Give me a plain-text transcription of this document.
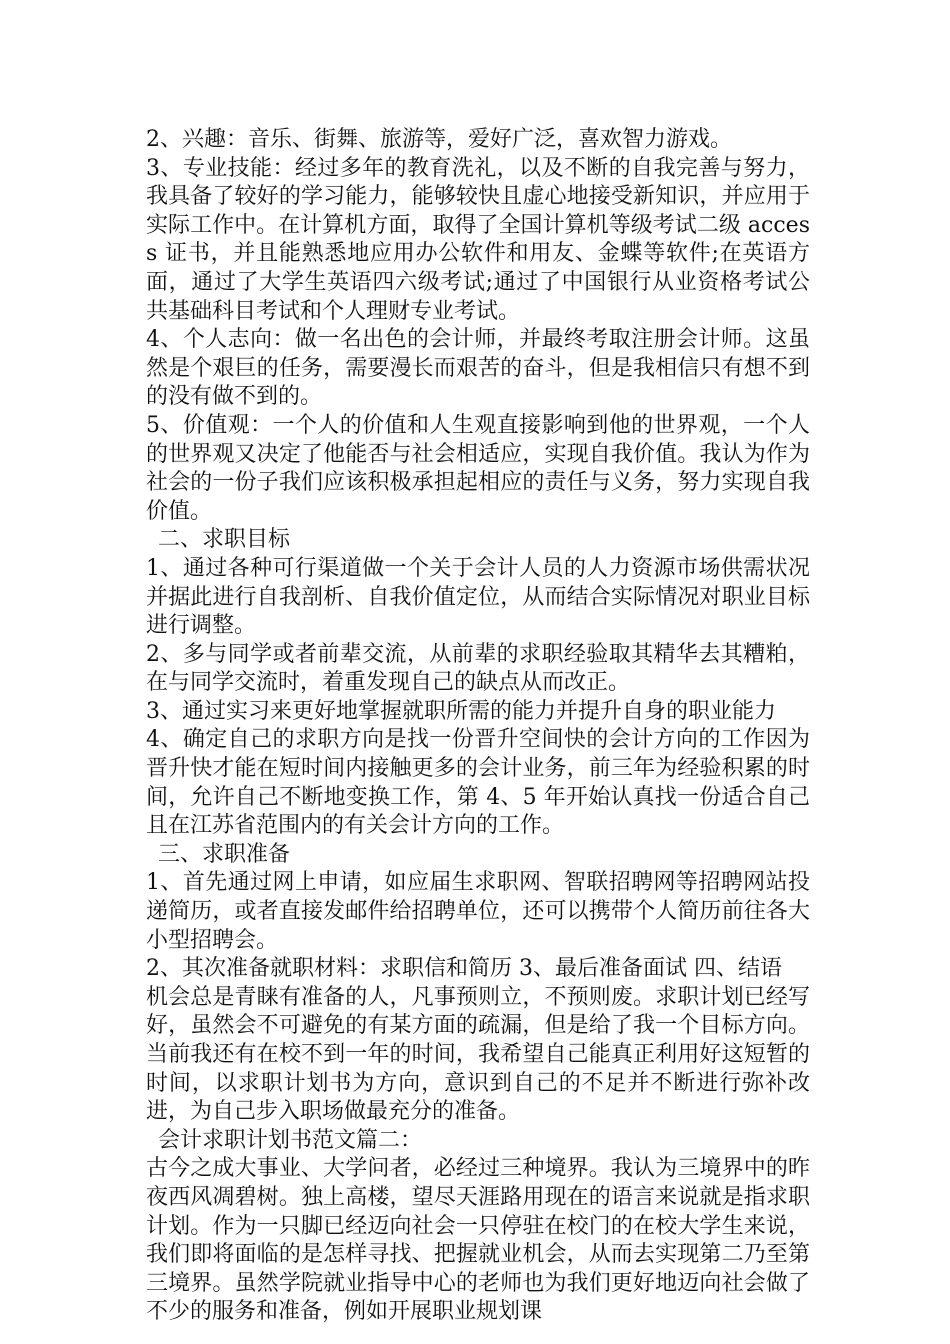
2、兴趣：音乐、街舞、旅游等，爱好广泛，喜欢智力游戏。

3、专业技能：经过多年的教育洗礼，以及不断的自我完善与努力，我具备了较好的学习能力，能够较快且虚心地接受新知识，并应用于实际工作中。在计算机方面，取得了全国计算机等级考试二级 access 证书，并且能熟悉地应用办公软件和用友、金蝶等软件;在英语方面，通过了大学生英语四六级考试;通过了中国银行从业资格考试公共基础科目考试和个人理财专业考试。

4、个人志向：做一名出色的会计师，并最终考取注册会计师。这虽然是个艰巨的任务，需要漫长而艰苦的奋斗，但是我相信只有想不到的没有做不到的。

5、价值观：一个人的价值和人生观直接影响到他的世界观，一个人的世界观又决定了他能否与社会相适应，实现自我价值。我认为作为社会的一份子我们应该积极承担起相应的责任与义务，努力实现自我价值。

二、求职目标

1、通过各种可行渠道做一个关于会计人员的人力资源市场供需状况并据此进行自我剖析、自我价值定位，从而结合实际情况对职业目标进行调整。

2、多与同学或者前辈交流，从前辈的求职经验取其精华去其糟粕，在与同学交流时，着重发现自己的缺点从而改正。

3、通过实习来更好地掌握就职所需的能力并提升自身的职业能力

4、确定自己的求职方向是找一份晋升空间快的会计方向的工作因为晋升快才能在短时间内接触更多的会计业务，前三年为经验积累的时间，允许自己不断地变换工作，第 4、5 年开始认真找一份适合自己且在江苏省范围内的有关会计方向的工作。

三、求职准备

1、首先通过网上申请，如应届生求职网、智联招聘网等招聘网站投递简历，或者直接发邮件给招聘单位，还可以携带个人简历前往各大小型招聘会。

2、其次准备就职材料：求职信和简历 3、最后准备面试 四、结语

机会总是青睐有准备的人，凡事预则立，不预则废。求职计划已经写好，虽然会不可避免的有某方面的疏漏，但是给了我一个目标方向。当前我还有在校不到一年的时间，我希望自己能真正利用好这短暂的时间，以求职计划书为方向，意识到自己的不足并不断进行弥补改进，为自己步入职场做最充分的准备。

会计求职计划书范文篇二：

古今之成大事业、大学问者，必经过三种境界。我认为三境界中的昨夜西风凋碧树。独上高楼，望尽天涯路用现在的语言来说就是指求职计划。作为一只脚已经迈向社会一只停驻在校门的在校大学生来说，我们即将面临的是怎样寻找、把握就业机会，从而去实现第二乃至第三境界。虽然学院就业指导中心的老师也为我们更好地迈向社会做了不少的服务和准备，例如开展职业规划课
